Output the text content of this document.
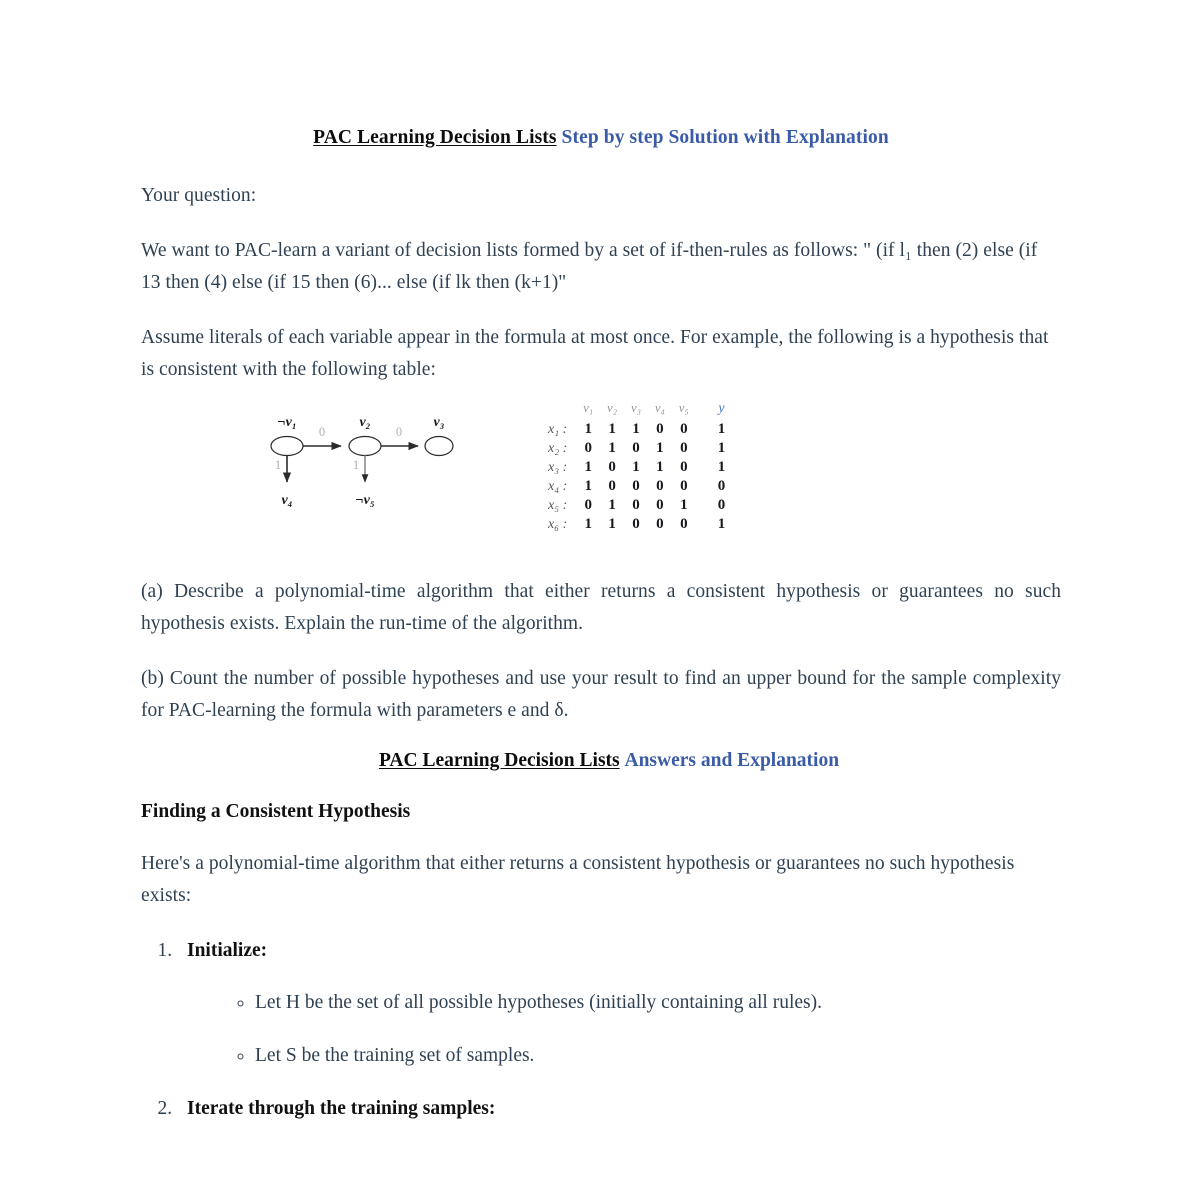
PAC Learning Decision Lists Step by step Solution with Explanation

Your question:

We want to PAC-learn a variant of decision lists formed by a set of if-then-rules as follows: " (if l₁ then (2) else (if 13 then (4) else (if 15 then (6)... else (if lk then (k+1)"

Assume literals of each variable appear in the formula at most once. For example, the following is a hypothesis that is consistent with the following table:

¬v₁	v₂	v₃
v₄	¬v₅
0	0
1	1
	v₁	v₂	v₃	v₄	v₅	y
x₁ :	1	1	1	0	0	1
x₂ :	0	1	0	1	0	1
x₃ :	1	0	1	1	0	1
x₄ :	1	0	0	0	0	0
x₅ :	0	1	0	0	1	0
x₆ :	1	1	0	0	0	1

(a) Describe a polynomial-time algorithm that either returns a consistent hypothesis or guarantees no such hypothesis exists. Explain the run-time of the algorithm.

(b) Count the number of possible hypotheses and use your result to find an upper bound for the sample complexity for PAC-learning the formula with parameters e and δ.

PAC Learning Decision Lists Answers and Explanation
Finding a Consistent Hypothesis

Here's a polynomial-time algorithm that either returns a consistent hypothesis or guarantees no such hypothesis exists:

1. Initialize:
◦ Let H be the set of all possible hypotheses (initially containing all rules).
◦ Let S be the training set of samples.
2. Iterate through the training samples:
